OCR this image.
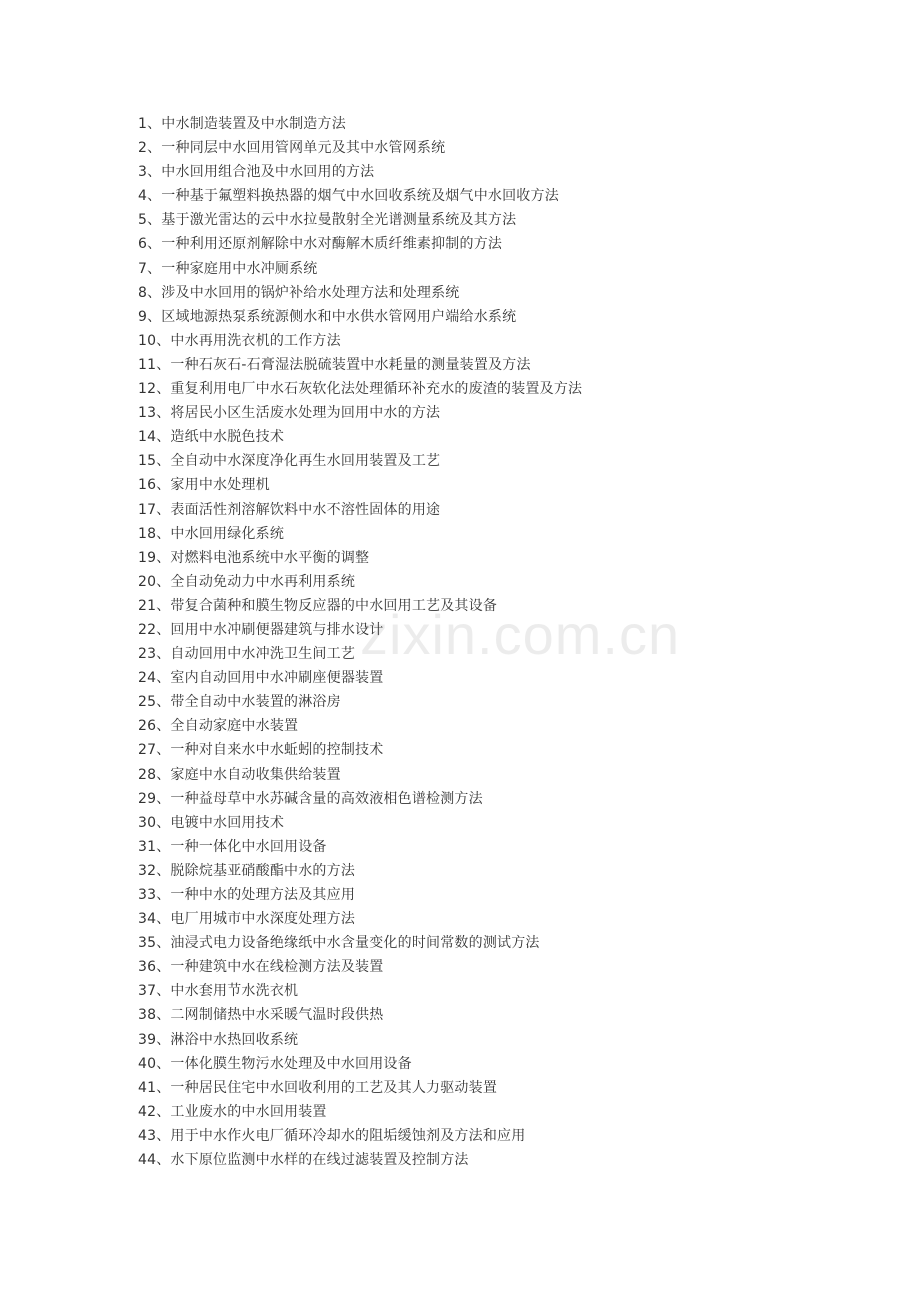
1、中水制造装置及中水制造方法
2、一种同层中水回用管网单元及其中水管网系统
3、中水回用组合池及中水回用的方法
4、一种基于氟塑料换热器的烟气中水回收系统及烟气中水回收方法
5、基于激光雷达的云中水拉曼散射全光谱测量系统及其方法
6、一种利用还原剂解除中水对酶解木质纤维素抑制的方法
7、一种家庭用中水冲厕系统
8、涉及中水回用的锅炉补给水处理方法和处理系统
9、区域地源热泵系统源侧水和中水供水管网用户端给水系统
10、中水再用洗衣机的工作方法
11、一种石灰石-石膏湿法脱硫装置中水耗量的测量装置及方法
12、重复利用电厂中水石灰软化法处理循环补充水的废渣的装置及方法
13、将居民小区生活废水处理为回用中水的方法
14、造纸中水脱色技术
15、全自动中水深度净化再生水回用装置及工艺
16、家用中水处理机
17、表面活性剂溶解饮料中水不溶性固体的用途
18、中水回用绿化系统
19、对燃料电池系统中水平衡的调整
20、全自动免动力中水再利用系统
21、带复合菌种和膜生物反应器的中水回用工艺及其设备
22、回用中水冲刷便器建筑与排水设计
23、自动回用中水冲洗卫生间工艺
24、室内自动回用中水冲刷座便器装置
25、带全自动中水装置的淋浴房
26、全自动家庭中水装置
27、一种对自来水中水蚯蚓的控制技术
28、家庭中水自动收集供给装置
29、一种益母草中水苏碱含量的高效液相色谱检测方法
30、电镀中水回用技术
31、一种一体化中水回用设备
32、脱除烷基亚硝酸酯中水的方法
33、一种中水的处理方法及其应用
34、电厂用城市中水深度处理方法
35、油浸式电力设备绝缘纸中水含量变化的时间常数的测试方法
36、一种建筑中水在线检测方法及装置
37、中水套用节水洗衣机
38、二网制储热中水采暖气温时段供热
39、淋浴中水热回收系统
40、一体化膜生物污水处理及中水回用设备
41、一种居民住宅中水回收利用的工艺及其人力驱动装置
42、工业废水的中水回用装置
43、用于中水作火电厂循环冷却水的阻垢缓蚀剂及方法和应用
44、水下原位监测中水样的在线过滤装置及控制方法
zixin.com.cn
